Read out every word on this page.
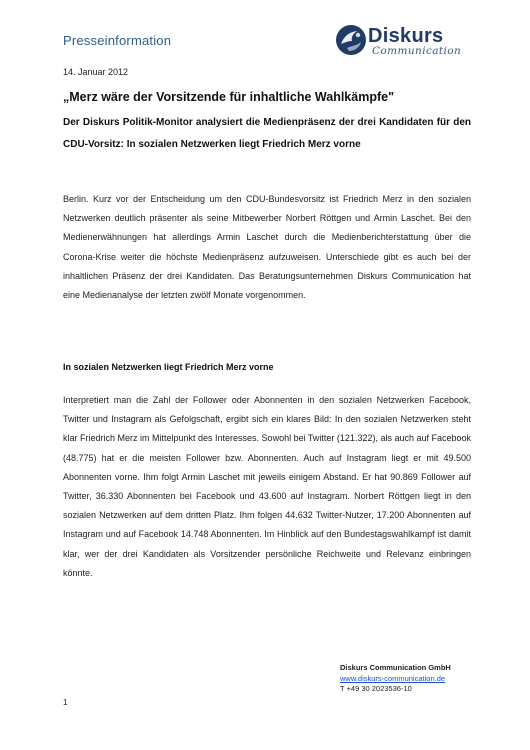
Presseinformation	Diskurs
Communication
14. Januar 2012
„Merz wäre der Vorsitzende für inhaltliche Wahlkämpfe"
Der Diskurs Politik-Monitor analysiert die Medienpräsenz der drei Kandidaten für den CDU-Vorsitz: In sozialen Netzwerken liegt Friedrich Merz vorne

Berlin. Kurz vor der Entscheidung um den CDU-Bundesvorsitz ist Friedrich Merz in den sozialen Netzwerken deutlich präsenter als seine Mitbewerber Norbert Röttgen und Armin Laschet. Bei den Medienerwähnungen hat allerdings Armin Laschet durch die Medienberichterstattung über die Corona-Krise weiter die höchste Medienpräsenz aufzuweisen. Unterschiede gibt es auch bei der inhaltlichen Präsenz der drei Kandidaten. Das Beratungsunternehmen Diskurs Communication hat eine Medienanalyse der letzten zwölf Monate vorgenommen.

In sozialen Netzwerken liegt Friedrich Merz vorne

Interpretiert man die Zahl der Follower oder Abonnenten in den sozialen Netzwerken Facebook, Twitter und Instagram als Gefolgschaft, ergibt sich ein klares Bild: In den sozialen Netzwerken steht klar Friedrich Merz im Mittelpunkt des Interesses. Sowohl bei Twitter (121.322), als auch auf Facebook (48.775) hat er die meisten Follower bzw. Abonnenten. Auch auf Instagram liegt er mit 49.500 Abonnenten vorne. Ihm folgt Armin Laschet mit jeweils einigem Abstand. Er hat 90.869 Follower auf Twitter, 36.330 Abonnenten bei Facebook und 43.600 auf Instagram. Norbert Röttgen liegt in den sozialen Netzwerken auf dem dritten Platz. Ihm folgen 44.632 Twitter-Nutzer, 17.200 Abonnenten auf Instagram und auf Facebook 14.748 Abonnenten. Im Hinblick auf den Bundestagswahlkampf ist damit klar, wer der drei Kandidaten als Vorsitzender persönliche Reichweite und Relevanz einbringen könnte.

Diskurs Communication GmbH
www.diskurs-communication.de
T +49 30 2023536-10
1
